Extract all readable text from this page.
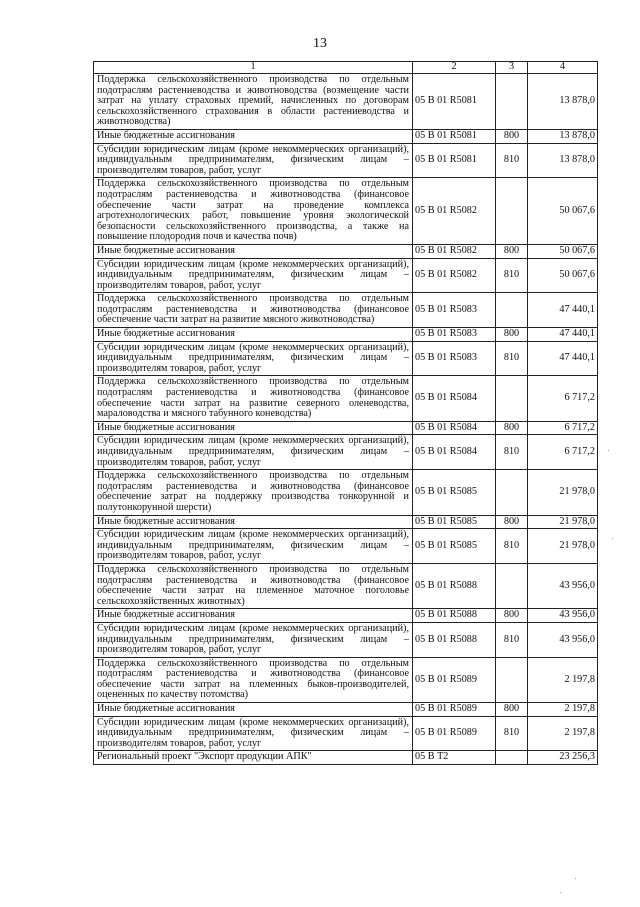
13
1	2	3	4
Поддержка сельскохозяйственного производства по отдельным подотраслям растениеводства и животноводства (возмещение части затрат на уплату страховых премий, начисленных по договорам сельскохозяйственного страхования в области растениеводства и животноводства)	05 В 01 R5081		13 878,0
Иные бюджетные ассигнования	05 В 01 R5081	800	13 878,0
Субсидии юридическим лицам (кроме некоммерческих организаций), индивидуальным предпринимателям, физическим лицам – производителям товаров, работ, услуг	05 В 01 R5081	810	13 878,0
Поддержка сельскохозяйственного производства по отдельным подотраслям растениеводства и животноводства (финансовое обеспечение части затрат на проведение комплекса агротехнологических работ, повышение уровня экологической безопасности сельскохозяйственного производства, а также на повышение плодородия почв и качества почв)	05 В 01 R5082		50 067,6
Иные бюджетные ассигнования	05 В 01 R5082	800	50 067,6
Субсидии юридическим лицам (кроме некоммерческих организаций), индивидуальным предпринимателям, физическим лицам – производителям товаров, работ, услуг	05 В 01 R5082	810	50 067,6
Поддержка сельскохозяйственного производства по отдельным подотраслям растениеводства и животноводства (финансовое обеспечение части затрат на развитие мясного животноводства)	05 В 01 R5083		47 440,1
Иные бюджетные ассигнования	05 В 01 R5083	800	47 440,1
Субсидии юридическим лицам (кроме некоммерческих организаций), индивидуальным предпринимателям, физическим лицам – производителям товаров, работ, услуг	05 В 01 R5083	810	47 440,1
Поддержка сельскохозяйственного производства по отдельным подотраслям растениеводства и животноводства (финансовое обеспечение части затрат на развитие северного оленеводства, мараловодства и мясного табунного коневодства)	05 В 01 R5084		6 717,2
Иные бюджетные ассигнования	05 В 01 R5084	800	6 717,2
Субсидии юридическим лицам (кроме некоммерческих организаций), индивидуальным предпринимателям, физическим лицам – производителям товаров, работ, услуг	05 В 01 R5084	810	6 717,2
Поддержка сельскохозяйственного производства по отдельным подотраслям растениеводства и животноводства (финансовое обеспечение затрат на поддержку производства тонкорунной и полутонкорунной шерсти)	05 В 01 R5085		21 978,0
Иные бюджетные ассигнования	05 В 01 R5085	800	21 978,0
Субсидии юридическим лицам (кроме некоммерческих организаций), индивидуальным предпринимателям, физическим лицам – производителям товаров, работ, услуг	05 В 01 R5085	810	21 978,0
Поддержка сельскохозяйственного производства по отдельным подотраслям растениеводства и животноводства (финансовое обеспечение части затрат на племенное маточное поголовье сельскохозяйственных животных)	05 В 01 R5088		43 956,0
Иные бюджетные ассигнования	05 В 01 R5088	800	43 956,0
Субсидии юридическим лицам (кроме некоммерческих организаций), индивидуальным предпринимателям, физическим лицам – производителям товаров, работ, услуг	05 В 01 R5088	810	43 956,0
Поддержка сельскохозяйственного производства по отдельным подотраслям растениеводства и животноводства (финансовое обеспечение части затрат на племенных быков-производителей, оцененных по качеству потомства)	05 В 01 R5089		2 197,8
Иные бюджетные ассигнования	05 В 01 R5089	800	2 197,8
Субсидии юридическим лицам (кроме некоммерческих организаций), индивидуальным предпринимателям, физическим лицам – производителям товаров, работ, услуг	05 В 01 R5089	810	2 197,8
Региональный проект "Экспорт продукции АПК"	05 В Т2		23 256,3
